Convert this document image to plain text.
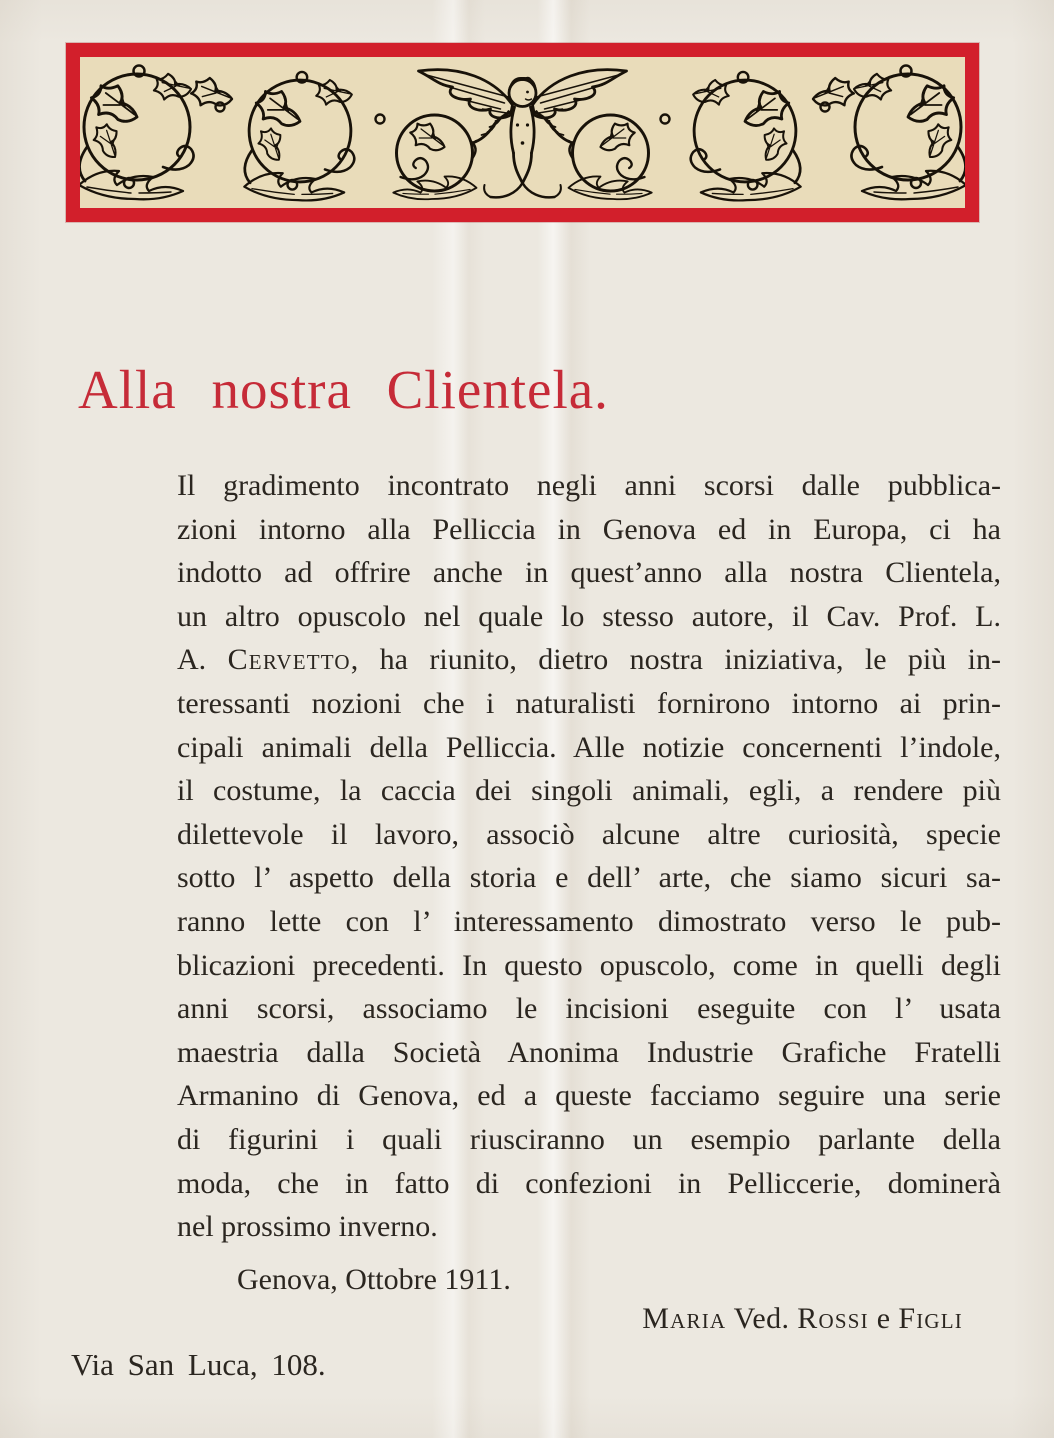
Alla nostra Clientela.
Il gradimento incontrato negli anni scorsi dalle pubblica-
zioni intorno alla Pelliccia in Genova ed in Europa, ci ha
indotto ad offrire anche in quest’anno alla nostra Clientela,
un altro opuscolo nel quale lo stesso autore, il Cav. Prof. L.
A. Cervetto, ha riunito, dietro nostra iniziativa, le più in-
teressanti nozioni che i naturalisti fornirono intorno ai prin-
cipali animali della Pelliccia. Alle notizie concernenti l’indole,
il costume, la caccia dei singoli animali, egli, a rendere più
dilettevole il lavoro, associò alcune altre curiosità, specie
sotto l’ aspetto della storia e dell’ arte, che siamo sicuri sa-
ranno lette con l’ interessamento dimostrato verso le pub-
blicazioni precedenti. In questo opuscolo, come in quelli degli
anni scorsi, associamo le incisioni eseguite con l’ usata
maestria dalla Società Anonima Industrie Grafiche Fratelli
Armanino di Genova, ed a queste facciamo seguire una serie
di figurini i quali riusciranno un esempio parlante della
moda, che in fatto di confezioni in Pelliccerie, dominerà
nel prossimo inverno.
Genova, Ottobre 1911.
Maria Ved. Rossi e Figli
Via San Luca, 108.
